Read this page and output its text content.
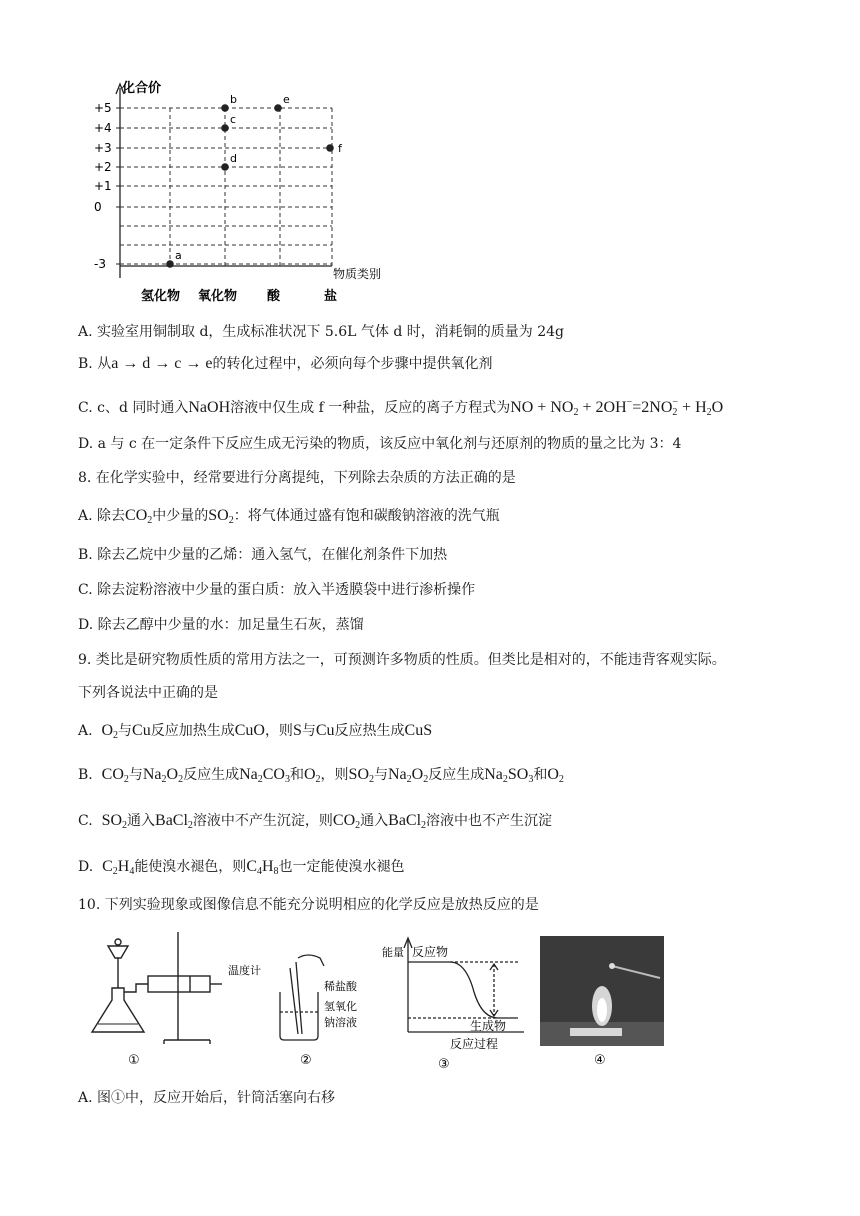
化合价
+5
+4
+3
+2
+1
0
-3
a
b
c
d
e
f
物质类别
氢化物 氧化物 酸	盐
A. 实验室用铜制取 d，生成标准状况下 5.6L 气体 d 时，消耗铜的质量为 24g
B. 从a → d → c → e的转化过程中，必须向每个步骤中提供氧化剂
C. c、d 同时通入NaOH溶液中仅生成 f 一种盐，反应的离子方程式为NO + $NO_2 + 2OH^-=2NO_2^- + H_2O$
D. a 与 c 在一定条件下反应生成无污染的物质，该反应中氧化剂与还原剂的物质的量之比为 3：4
8. 在化学实验中，经常要进行分离提纯，下列除去杂质的方法正确的是
A. 除去$CO_2$中少量的$SO_2$：将气体通过盛有饱和碳酸钠溶液的洗气瓶
B. 除去乙烷中少量的乙烯：通入氢气，在催化剂条件下加热
C. 除去淀粉溶液中少量的蛋白质：放入半透膜袋中进行渗析操作
D. 除去乙醇中少量的水：加足量生石灰，蒸馏
9. 类比是研究物质性质的常用方法之一，可预测许多物质的性质。但类比是相对的，不能违背客观实际。
下列各说法中正确的是
A.  $O_2$与Cu反应加热生成CuO，则S与Cu反应热生成CuS
B.  $CO_2$与$Na_2O_2$反应生成$Na_2CO_3$和$O_2$，则$SO_2$与$Na_2O_2$反应生成$Na_2SO_3$和$O_2$
C.  $SO_2$通入BaCl$_2$溶液中不产生沉淀，则$CO_2$通入BaCl$_2$溶液中也不产生沉淀
D.  $C_2H_4$能使溴水褪色，则$C_4H_8$也一定能使溴水褪色
10. 下列实验现象或图像信息不能充分说明相应的化学反应是放热反应的是
①
温度计
稀盐酸
氢氧化
钠溶液
②
能量 反应物
生成物
反应过程
③	④
A. 图①中，反应开始后，针筒活塞向右移
